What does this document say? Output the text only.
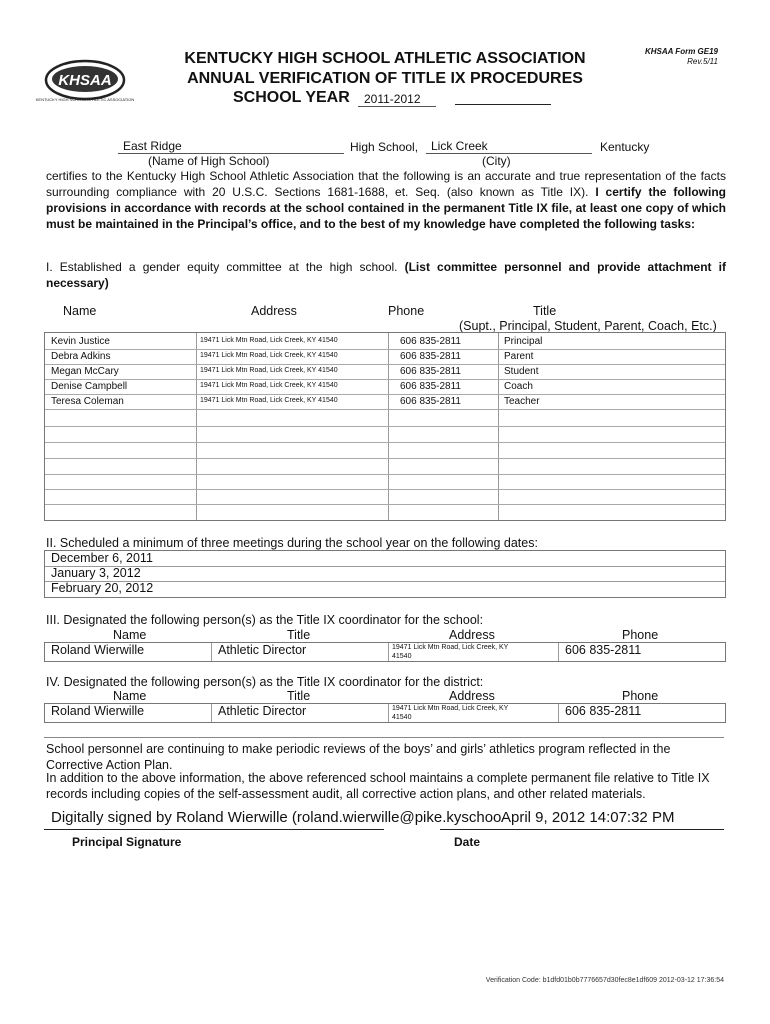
KHSAA
KENTUCKY HIGH SCHOOL ATHLETIC ASSOCIATION
KENTUCKY HIGH SCHOOL ATHLETIC ASSOCIATION
ANNUAL VERIFICATION OF TITLE IX PROCEDURES
SCHOOL YEAR 2011-2012
KHSAA Form GE19
Rev.5/11
East Ridge	High School, Lick Creek	Kentucky
(Name of High School)	(City)
certifies to the Kentucky High School Athletic Association that the following is an accurate and true representation of the facts surrounding compliance with 20 U.S.C. Sections 1681-1688, et. Seq. (also known as Title IX). I certify the following provisions in accordance with records at the school contained in the permanent Title IX file, at least one copy of which must be maintained in the Principal’s office, and to the best of my knowledge have completed the following tasks:
I. Established a gender equity committee at the high school. (List committee personnel and provide attachment if necessary)
Name	Address	Phone	Title
(Supt., Principal, Student, Parent, Coach, Etc.)
Kevin Justice	19471 Lick Mtn Road, Lick Creek, KY 41540	606 835-2811	Principal
Debra Adkins	19471 Lick Mtn Road, Lick Creek, KY 41540	606 835-2811	Parent
Megan McCary	19471 Lick Mtn Road, Lick Creek, KY 41540	606 835-2811	Student
Denise Campbell	19471 Lick Mtn Road, Lick Creek, KY 41540	606 835-2811	Coach
Teresa Coleman	19471 Lick Mtn Road, Lick Creek, KY 41540	606 835-2811	Teacher
II. Scheduled a minimum of three meetings during the school year on the following dates:
December 6, 2011
January 3, 2012
February 20, 2012
III. Designated the following person(s) as the Title IX coordinator for the school:
Name	Title	Address	Phone
Roland Wierwille	Athletic Director	19471 Lick Mtn Road, Lick Creek, KY 41540	606 835-2811
IV. Designated the following person(s) as the Title IX coordinator for the district:
Name	Title	Address	Phone
Roland Wierwille	Athletic Director	19471 Lick Mtn Road, Lick Creek, KY 41540	606 835-2811
School personnel are continuing to make periodic reviews of the boys’ and girls’ athletics program reflected in the Corrective Action Plan.
In addition to the above information, the above referenced school maintains a complete permanent file relative to Title IX records including copies of the self-assessment audit, all corrective action plans, and other related materials.
Digitally signed by Roland Wierwille (roland.wierwille@pike.kyschoo April 9, 2012 14:07:32 PM
Principal Signature	Date
Verification Code: b1dfd01b0b7776657d30fec8e1df609 2012-03-12 17:36:54
